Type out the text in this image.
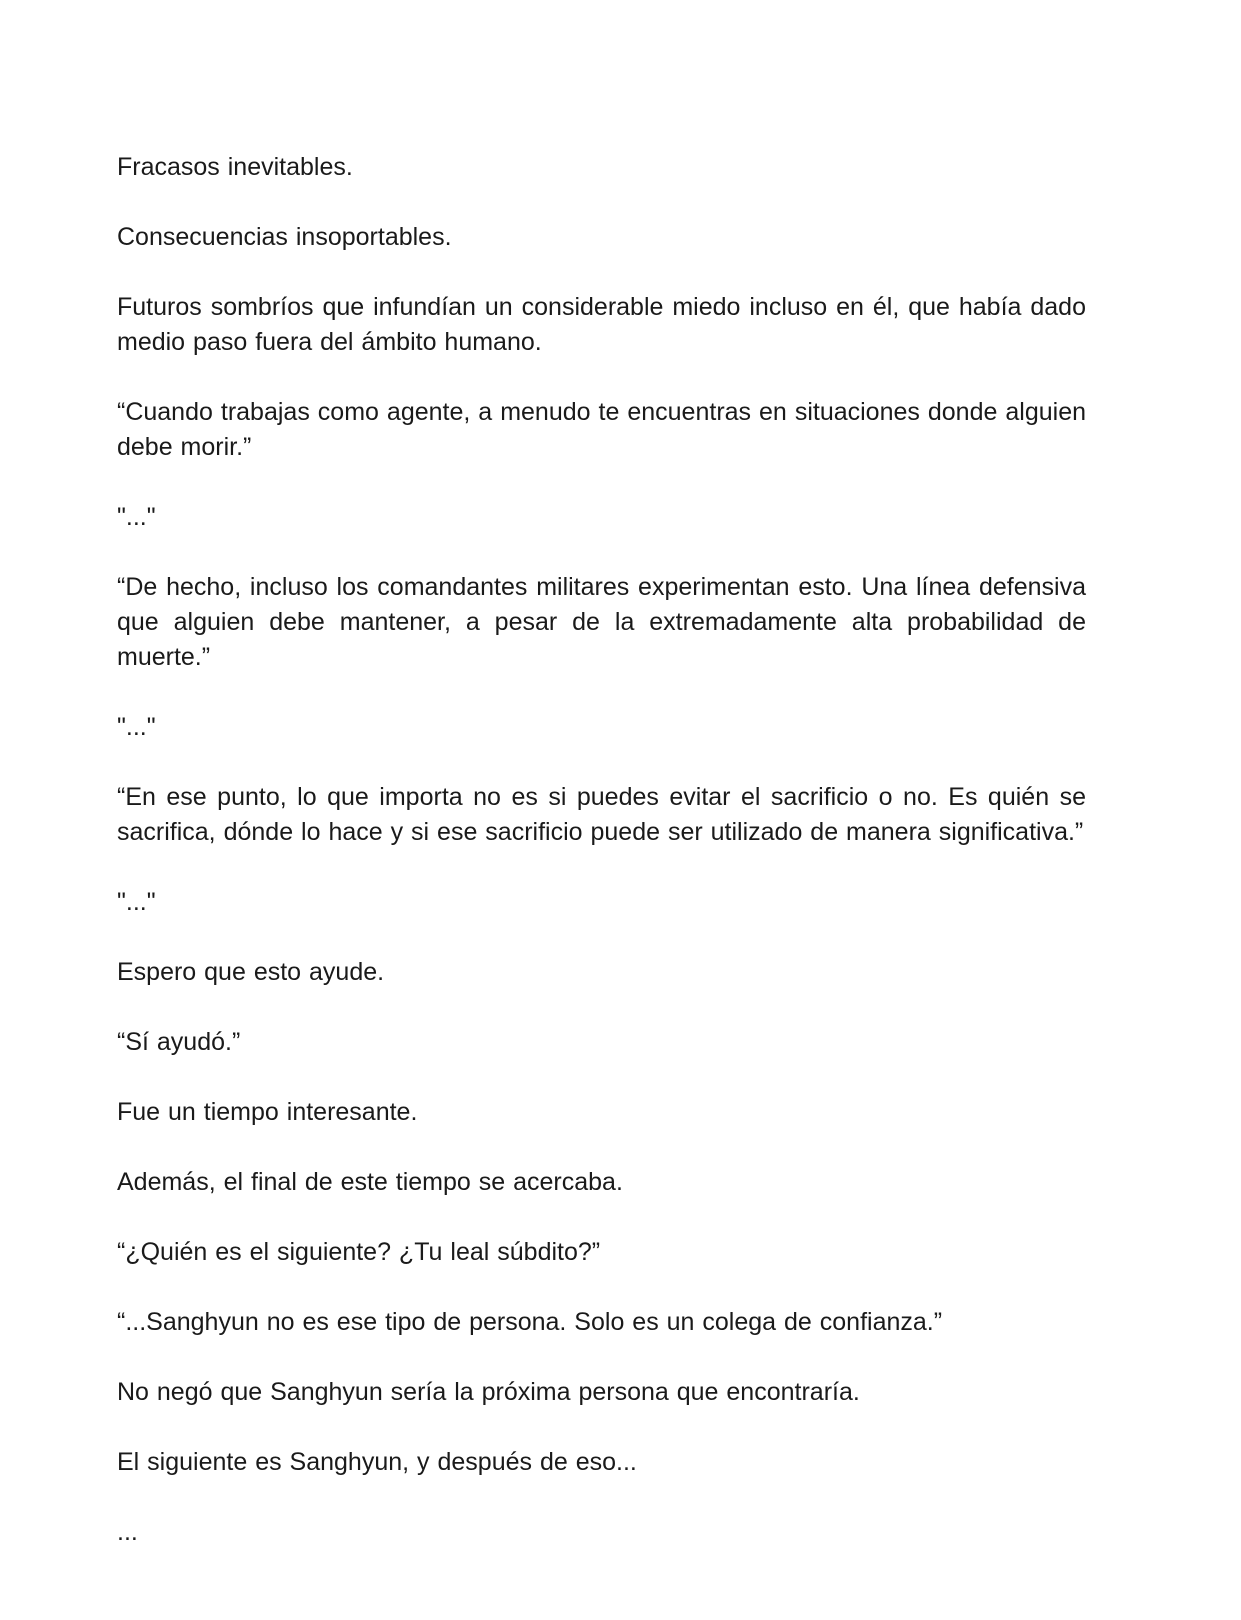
Fracasos inevitables.

Consecuencias insoportables.

Futuros sombríos que infundían un considerable miedo incluso en él, que había dado medio paso fuera del ámbito humano.

“Cuando trabajas como agente, a menudo te encuentras en situaciones donde alguien debe morir.”

"..."

“De hecho, incluso los comandantes militares experimentan esto. Una línea defensiva que alguien debe mantener, a pesar de la extremadamente alta probabilidad de muerte.”

"..."

“En ese punto, lo que importa no es si puedes evitar el sacrificio o no. Es quién se sacrifica, dónde lo hace y si ese sacrificio puede ser utilizado de manera significativa.”

"..."

Espero que esto ayude.

“Sí ayudó.”

Fue un tiempo interesante.

Además, el final de este tiempo se acercaba.

“¿Quién es el siguiente? ¿Tu leal súbdito?”

“...Sanghyun no es ese tipo de persona. Solo es un colega de confianza.”

No negó que Sanghyun sería la próxima persona que encontraría.

El siguiente es Sanghyun, y después de eso...

...
